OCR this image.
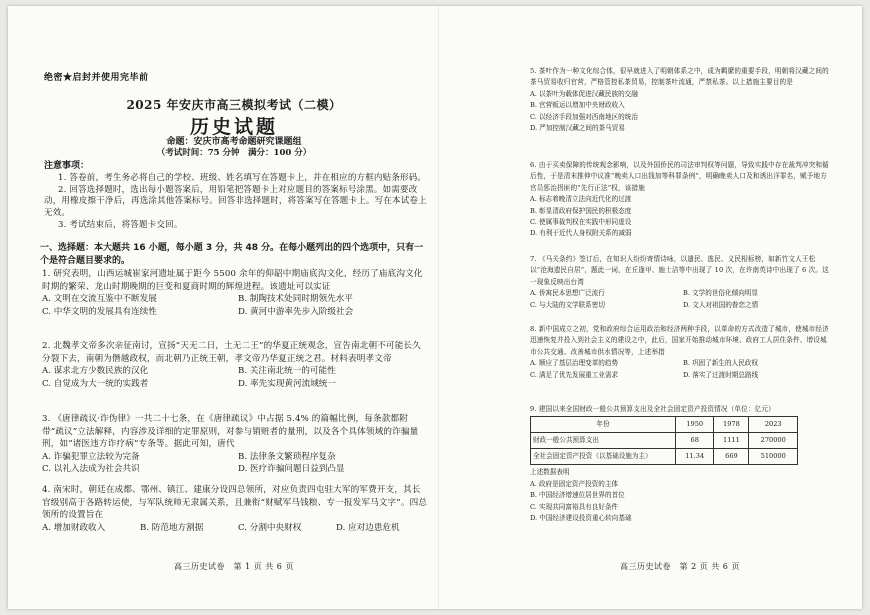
绝密★启封并使用完毕前
2025 年安庆市高三模拟考试（二模）
历史试题
命题：安庆市高考命题研究课题组
（考试时间：75 分钟　满分：100 分）
注意事项：

1. 答卷前，考生务必将自己的学校、班级、姓名填写在答题卡上，并在相应的方框内贴条形码。

2. 回答选择题时，选出每小题答案后，用铅笔把答题卡上对应题目的答案标号涂黑。如需要改动，用橡皮擦干净后，再选涂其他答案标号。回答非选择题时，将答案写在答题卡上。写在本试卷上无效。

3. 考试结束后，将答题卡交回。

一、选择题：本大题共 16 小题，每小题 3 分，共 48 分。在每小题列出的四个选项中，只有一个是符合题目要求的。

1. 研究表明，山西运城崔家河遗址属于距今 5500 余年的仰韶中期庙底沟文化，经历了庙底沟文化时期的繁荣、龙山时期晚期的巨变和夏商时期的辉煌进程。该遗址可以实证

A. 文明在交流互鉴中不断发展	B. 制陶技术处同时期领先水平
C. 中华文明的发展具有连续性	D. 黄河中游率先步入阶级社会

2. 北魏孝文帝多次亲征南讨，宣扬“天无二日，土无二王”的华夏正统观念，宣告南北朝不可能长久分裂下去，南朝为僭越政权，而北朝乃正统王朝，孝文帝乃华夏正统之君。材料表明孝文帝

A. 谋求北方少数民族的汉化	B. 关注南北统一的可能性
C. 自觉成为大一统的实践者	D. 率先实现黄河流域统一

3. 《唐律疏议·诈伪律》一共二十七条，在《唐律疏议》中占据 5.4% 的篇幅比例，每条款都附带“疏议”立法解释，内容涉及详细的定罪原则，对参与销赃者的量刑，以及各个具体领域的诈骗量刑，如“诸医违方诈疗病”专条等。据此可知，唐代

A. 诈骗犯罪立法较为完备	B. 法律条文繁琐程序复杂
C. 以礼入法成为社会共识	D. 医疗诈骗问题日益到凸显

4. 南宋时，朝廷在成都、鄂州、镇江、建康分设四总领所，对应负责四屯驻大军的军费开支，其长官级别高于各路转运使，与军队统帅无隶属关系，且兼衔“财赋军马钱粮、专一报发军马文字”。四总领所的设置旨在

A. 增加财政收入	B. 防范地方割据	C. 分割中央财权	D. 应对边患危机
高三历史试卷　第 1 页 共 6 页

5. 茶叶作为一种文化综合体，很早就进入了明朝体系之中，成为羁縻的重要手段，明朝将汉藏之间的茶马贸易收归官营，严格管控私茶贸易，控制茶叶流通，严禁私茶。以上措施主要目的是

A. 以茶叶为载体促进汉藏民族的交融
B. 官营贩运以增加中央财政收入
C. 以经济手段加强对西南地区的统治
D. 严加控制汉藏之间的茶马贸易

6. 由于买卖保障的传统观念影响，以及外国侨民的司法审判权等问题，导致实践中存在裁判冲突和循后性，于是清末推伸中议准“晚卖人口出钱加等科罪条例”，明确晚卖人口及和诱出洋罪名，赋予地方官员惩治拐匪的“先行正法”权，该措施

A. 标志着晚清立法向近代化的过渡
B. 彰显清政府保护国民的积极态度
C. 使属事裁判权在实践中形同虚设
D. 有利于近代人身权附关系的减弱

7. 《马关条约》签订后，在知识人纷纷寄情诗咏，以遣民、逃民、义民相标榜，如新竹文人王松以“沧海遗民自居”，题此一词，在丘逢甲、施士洁等中出现了 10 次，在许南英诗中出现了 6 次。这一现象反映出台湾

A. 侨寓民本思想广泛流行	B. 文学的世俗化倾向明显
C. 与大陆的文学联系密切	D. 文人对祖国的眷恋之情

8. 新中国成立之初，党和政府综合运用政治和经济两种手段，以革命的方式改造了城市，使城市经济迅速恢复并投入到社会主义的建设之中，此后，国家开始推动城市环境、政府工人居住条件、增设城市公共交通、改善城市供水情况等，上述举措

A. 顺应了基层治理变革的趋势	B. 巩固了新生的人民政权
C. 满足了优先发展重工业需求	D. 落实了过渡时期总路线

9. 建国以来全国财政一般公共预算支出及全社会固定资产投资情况（单位：亿元）

年份	1950	1978	2023
财政一般公共预算支出	68	1111	270000
全社会固定资产投资（以基础设施为主）	11.34	669	510000
上述数据表明
A. 政府是固定资产投资的主体
B. 中国经济增速位居世界的首位
C. 实现共同富裕具有良好条件
D. 中国经济建设投资重心转向基础
高三历史试卷　第 2 页 共 6 页
